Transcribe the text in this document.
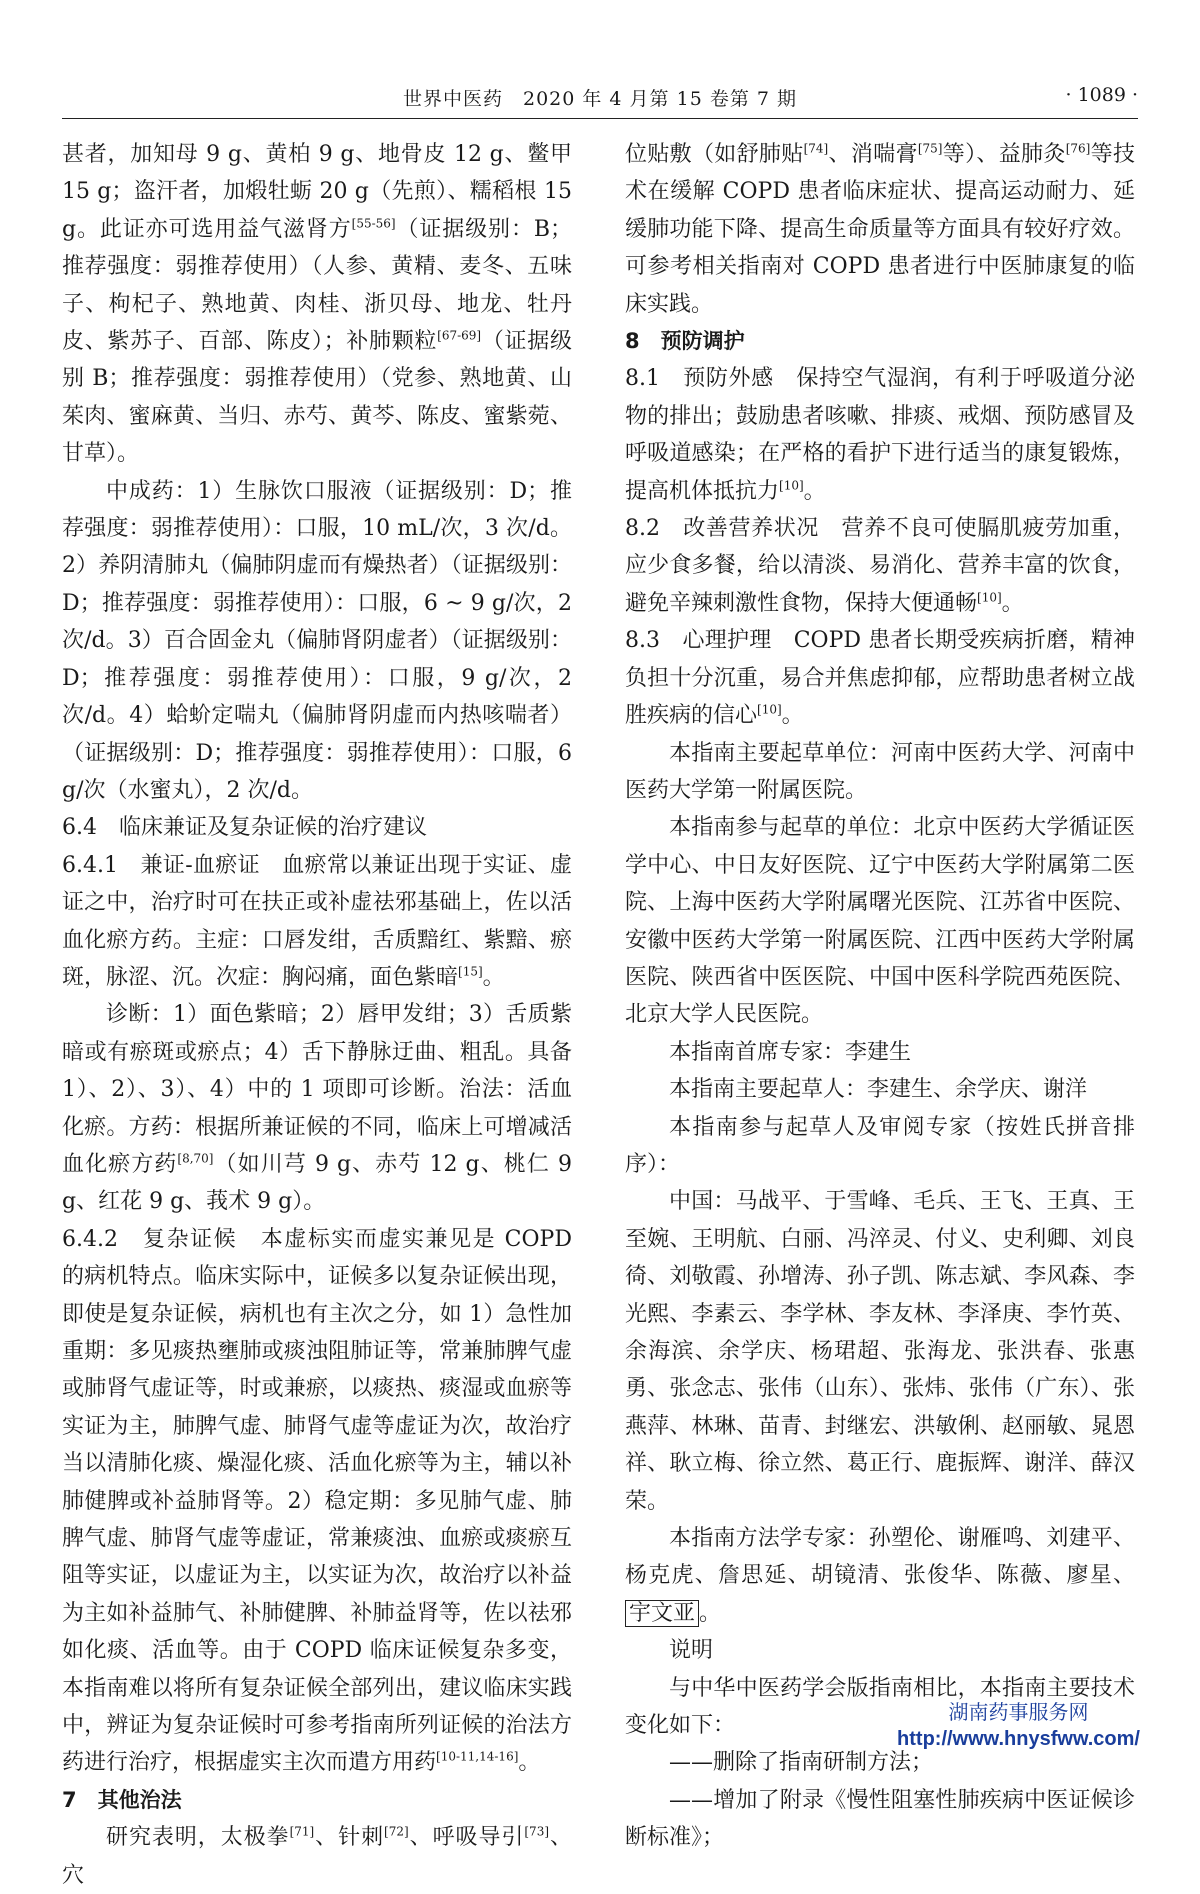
世界中医药　2020 年 4 月第 15 卷第 7 期	· 1089 ·

甚者，加知母 9 g、黄柏 9 g、地骨皮 12 g、鳖甲 15 g；盗汗者，加煅牡蛎 20 g（先煎）、糯稻根 15 g。此证亦可选用益气滋肾方[55-56]（证据级别：B；推荐强度：弱推荐使用）（人参、黄精、麦冬、五味子、枸杞子、熟地黄、肉桂、浙贝母、地龙、牡丹皮、紫苏子、百部、陈皮）；补肺颗粒[67-69]（证据级别 B；推荐强度：弱推荐使用）（党参、熟地黄、山茱肉、蜜麻黄、当归、赤芍、黄芩、陈皮、蜜紫菀、甘草）。

中成药：1）生脉饮口服液（证据级别：D；推荐强度：弱推荐使用）：口服，10 mL/次，3 次/d。2）养阴清肺丸（偏肺阴虚而有燥热者）（证据级别：D；推荐强度：弱推荐使用）：口服，6 ~ 9 g/次，2 次/d。3）百合固金丸（偏肺肾阴虚者）（证据级别：D；推荐强度：弱推荐使用）：口服，9 g/次，2 次/d。4）蛤蚧定喘丸（偏肺肾阴虚而内热咳喘者）（证据级别：D；推荐强度：弱推荐使用）：口服，6 g/次（水蜜丸），2 次/d。

6.4　临床兼证及复杂证候的治疗建议

6.4.1　兼证-血瘀证　血瘀常以兼证出现于实证、虚证之中，治疗时可在扶正或补虚祛邪基础上，佐以活血化瘀方药。主症：口唇发绀，舌质黯红、紫黯、瘀斑，脉涩、沉。次症：胸闷痛，面色紫暗[15]。

诊断：1）面色紫暗；2）唇甲发绀；3）舌质紫暗或有瘀斑或瘀点；4）舌下静脉迂曲、粗乱。具备 1）、2）、3）、4）中的 1 项即可诊断。治法：活血化瘀。方药：根据所兼证候的不同，临床上可增减活血化瘀方药[8,70]（如川芎 9 g、赤芍 12 g、桃仁 9 g、红花 9 g、莪术 9 g）。

6.4.2　复杂证候　本虚标实而虚实兼见是 COPD 的病机特点。临床实际中，证候多以复杂证候出现，即使是复杂证候，病机也有主次之分，如 1）急性加重期：多见痰热壅肺或痰浊阻肺证等，常兼肺脾气虚或肺肾气虚证等，时或兼瘀，以痰热、痰湿或血瘀等实证为主，肺脾气虚、肺肾气虚等虚证为次，故治疗当以清肺化痰、燥湿化痰、活血化瘀等为主，辅以补肺健脾或补益肺肾等。2）稳定期：多见肺气虚、肺脾气虚、肺肾气虚等虚证，常兼痰浊、血瘀或痰瘀互阻等实证，以虚证为主，以实证为次，故治疗以补益为主如补益肺气、补肺健脾、补肺益肾等，佐以祛邪如化痰、活血等。由于 COPD 临床证候复杂多变，本指南难以将所有复杂证候全部列出，建议临床实践中，辨证为复杂证候时可参考指南所列证候的治法方药进行治疗，根据虚实主次而遣方用药[10-11,14-16]。

7　其他治法

研究表明，太极拳[71]、针刺[72]、呼吸导引[73]、穴

位贴敷（如舒肺贴[74]、消喘膏[75]等）、益肺灸[76]等技术在缓解 COPD 患者临床症状、提高运动耐力、延缓肺功能下降、提高生命质量等方面具有较好疗效。可参考相关指南对 COPD 患者进行中医肺康复的临床实践。

8　预防调护

8.1　预防外感　保持空气湿润，有利于呼吸道分泌物的排出；鼓励患者咳嗽、排痰、戒烟、预防感冒及呼吸道感染；在严格的看护下进行适当的康复锻炼，提高机体抵抗力[10]。

8.2　改善营养状况　营养不良可使膈肌疲劳加重，应少食多餐，给以清淡、易消化、营养丰富的饮食，避免辛辣刺激性食物，保持大便通畅[10]。

8.3　心理护理　COPD 患者长期受疾病折磨，精神负担十分沉重，易合并焦虑抑郁，应帮助患者树立战胜疾病的信心[10]。

本指南主要起草单位：河南中医药大学、河南中医药大学第一附属医院。

本指南参与起草的单位：北京中医药大学循证医学中心、中日友好医院、辽宁中医药大学附属第二医院、上海中医药大学附属曙光医院、江苏省中医院、安徽中医药大学第一附属医院、江西中医药大学附属医院、陕西省中医医院、中国中医科学院西苑医院、北京大学人民医院。

本指南首席专家：李建生

本指南主要起草人：李建生、余学庆、谢洋

本指南参与起草人及审阅专家（按姓氏拼音排序）：

中国：马战平、于雪峰、毛兵、王飞、王真、王至婉、王明航、白丽、冯淬灵、付义、史利卿、刘良徛、刘敬霞、孙增涛、孙子凯、陈志斌、李风森、李光熙、李素云、李学林、李友林、李泽庚、李竹英、余海滨、余学庆、杨珺超、张海龙、张洪春、张惠勇、张念志、张伟（山东）、张炜、张伟（广东）、张燕萍、林琳、苗青、封继宏、洪敏俐、赵丽敏、晁恩祥、耿立梅、徐立然、葛正行、鹿振辉、谢洋、薛汉荣。

本指南方法学专家：孙塑伦、谢雁鸣、刘建平、杨克虎、詹思延、胡镜清、张俊华、陈薇、廖星、宇文亚 。

说明

与中华中医药学会版指南相比，本指南主要技术变化如下：

——删除了指南研制方法；

——增加了附录《慢性阻塞性肺疾病中医证候诊断标准》；

湖南药事服务网
http://www.hnysfww.com/
